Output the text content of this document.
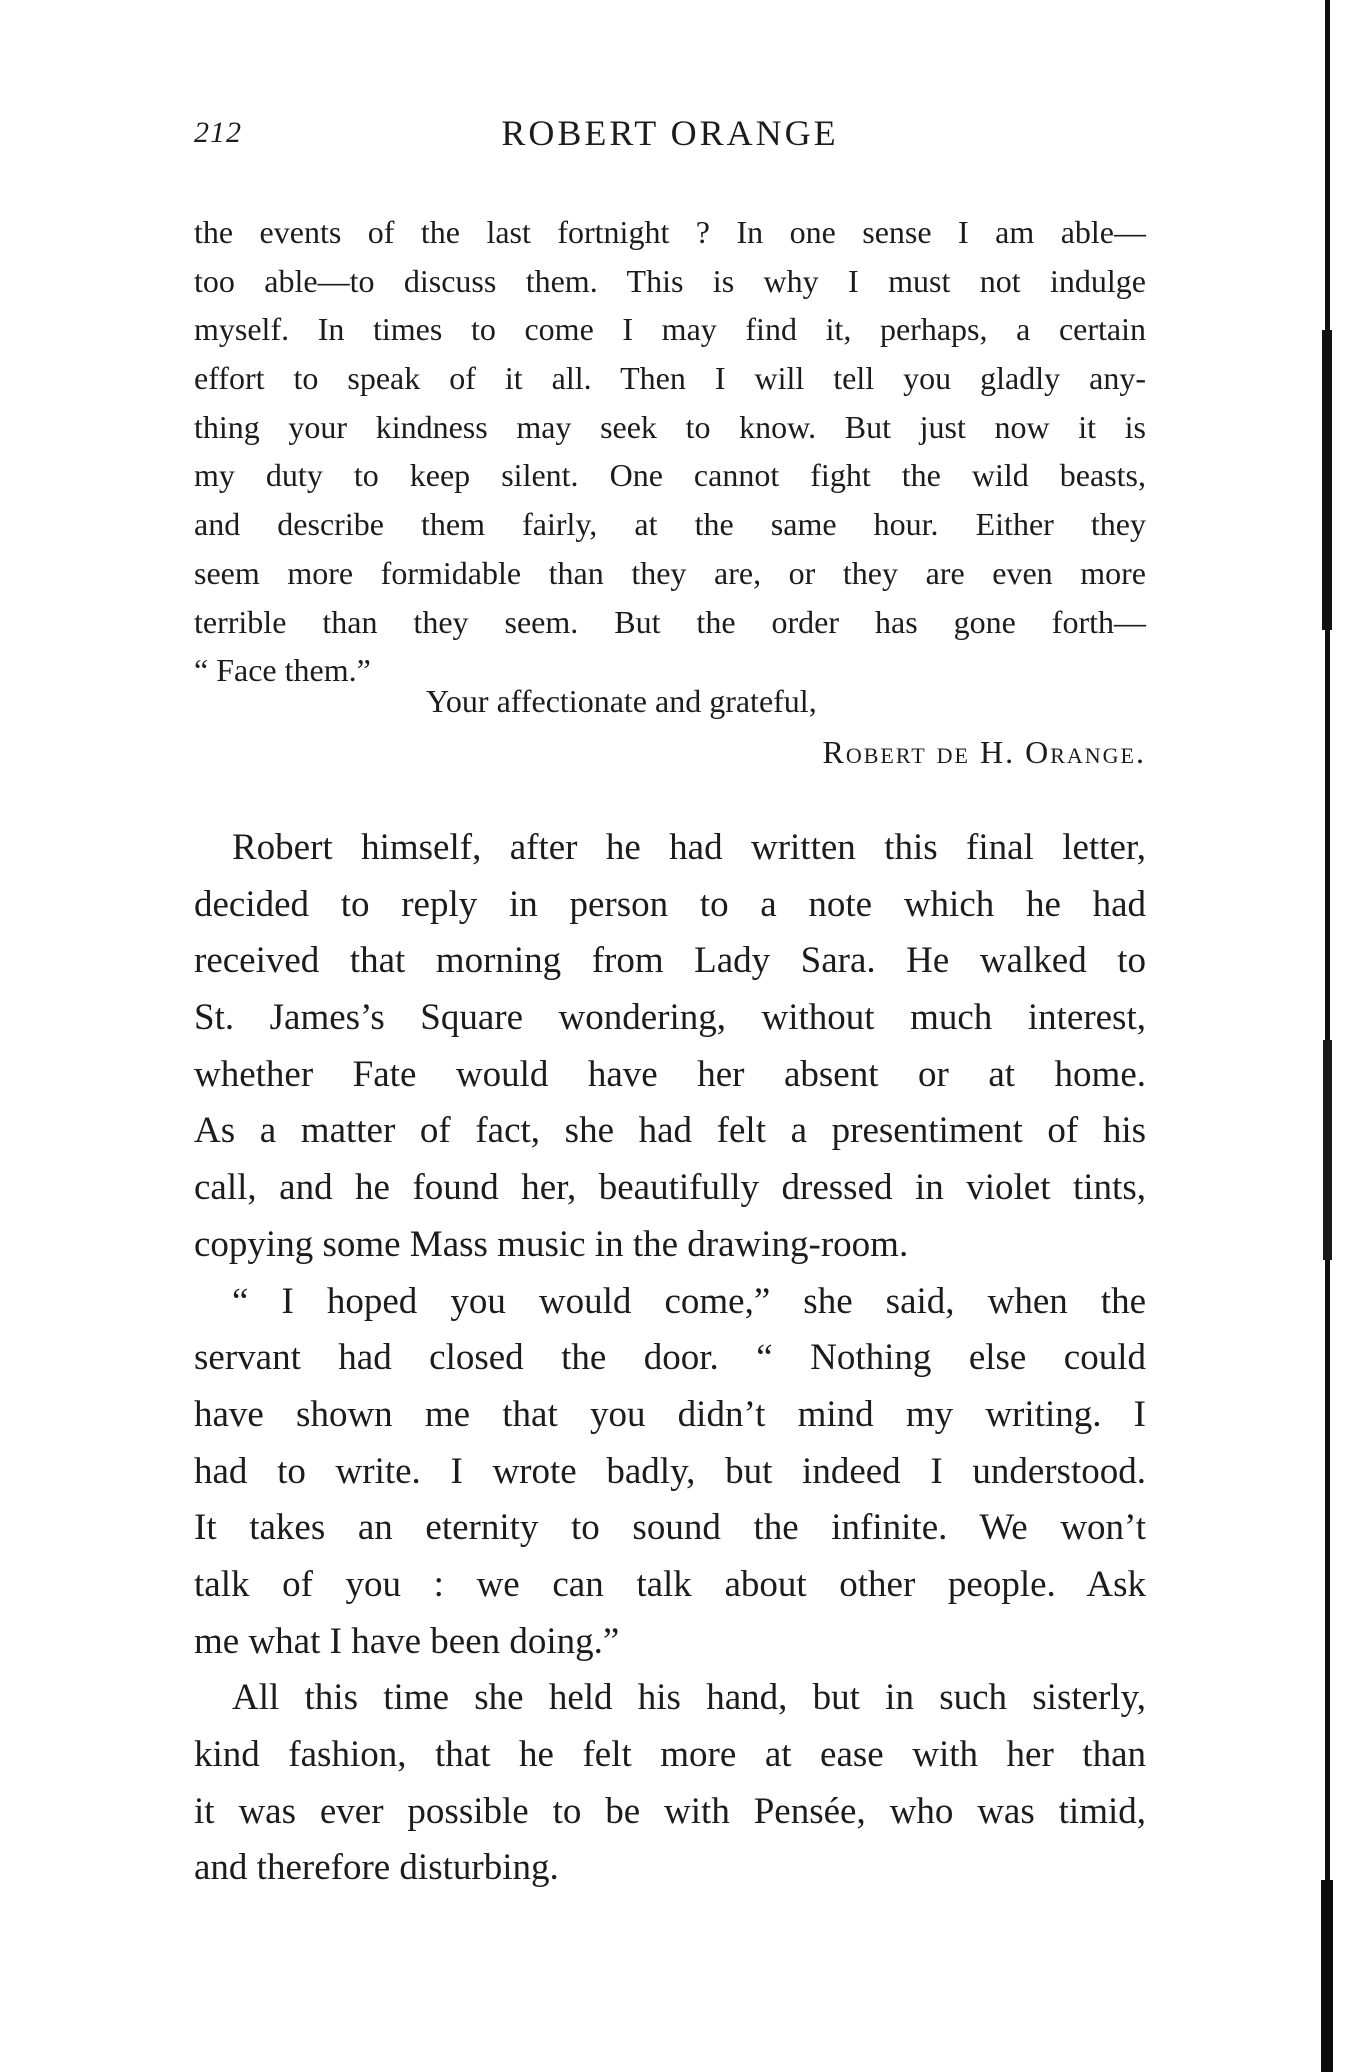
212	ROBERT ORANGE
the events of the last fortnight ? In one sense I am able—
too able—to discuss them. This is why I must not indulge
myself. In times to come I may find it, perhaps, a certain
effort to speak of it all. Then I will tell you gladly any-
thing your kindness may seek to know. But just now it is
my duty to keep silent. One cannot fight the wild beasts,
and describe them fairly, at the same hour. Either they
seem more formidable than they are, or they are even more
terrible than they seem. But the order has gone forth—
“ Face them.”
Your affectionate and grateful,
Robert de H. Orange.
Robert himself, after he had written this final letter,
decided to reply in person to a note which he had
received that morning from Lady Sara. He walked to
St. James’s Square wondering, without much interest,
whether Fate would have her absent or at home.
As a matter of fact, she had felt a presentiment of his
call, and he found her, beautifully dressed in violet tints,
copying some Mass music in the drawing-room.
“ I hoped you would come,” she said, when the
servant had closed the door. “ Nothing else could
have shown me that you didn’t mind my writing. I
had to write. I wrote badly, but indeed I understood.
It takes an eternity to sound the infinite. We won’t
talk of you : we can talk about other people. Ask
me what I have been doing.”
All this time she held his hand, but in such sisterly,
kind fashion, that he felt more at ease with her than
it was ever possible to be with Pensée, who was timid,
and therefore disturbing.
